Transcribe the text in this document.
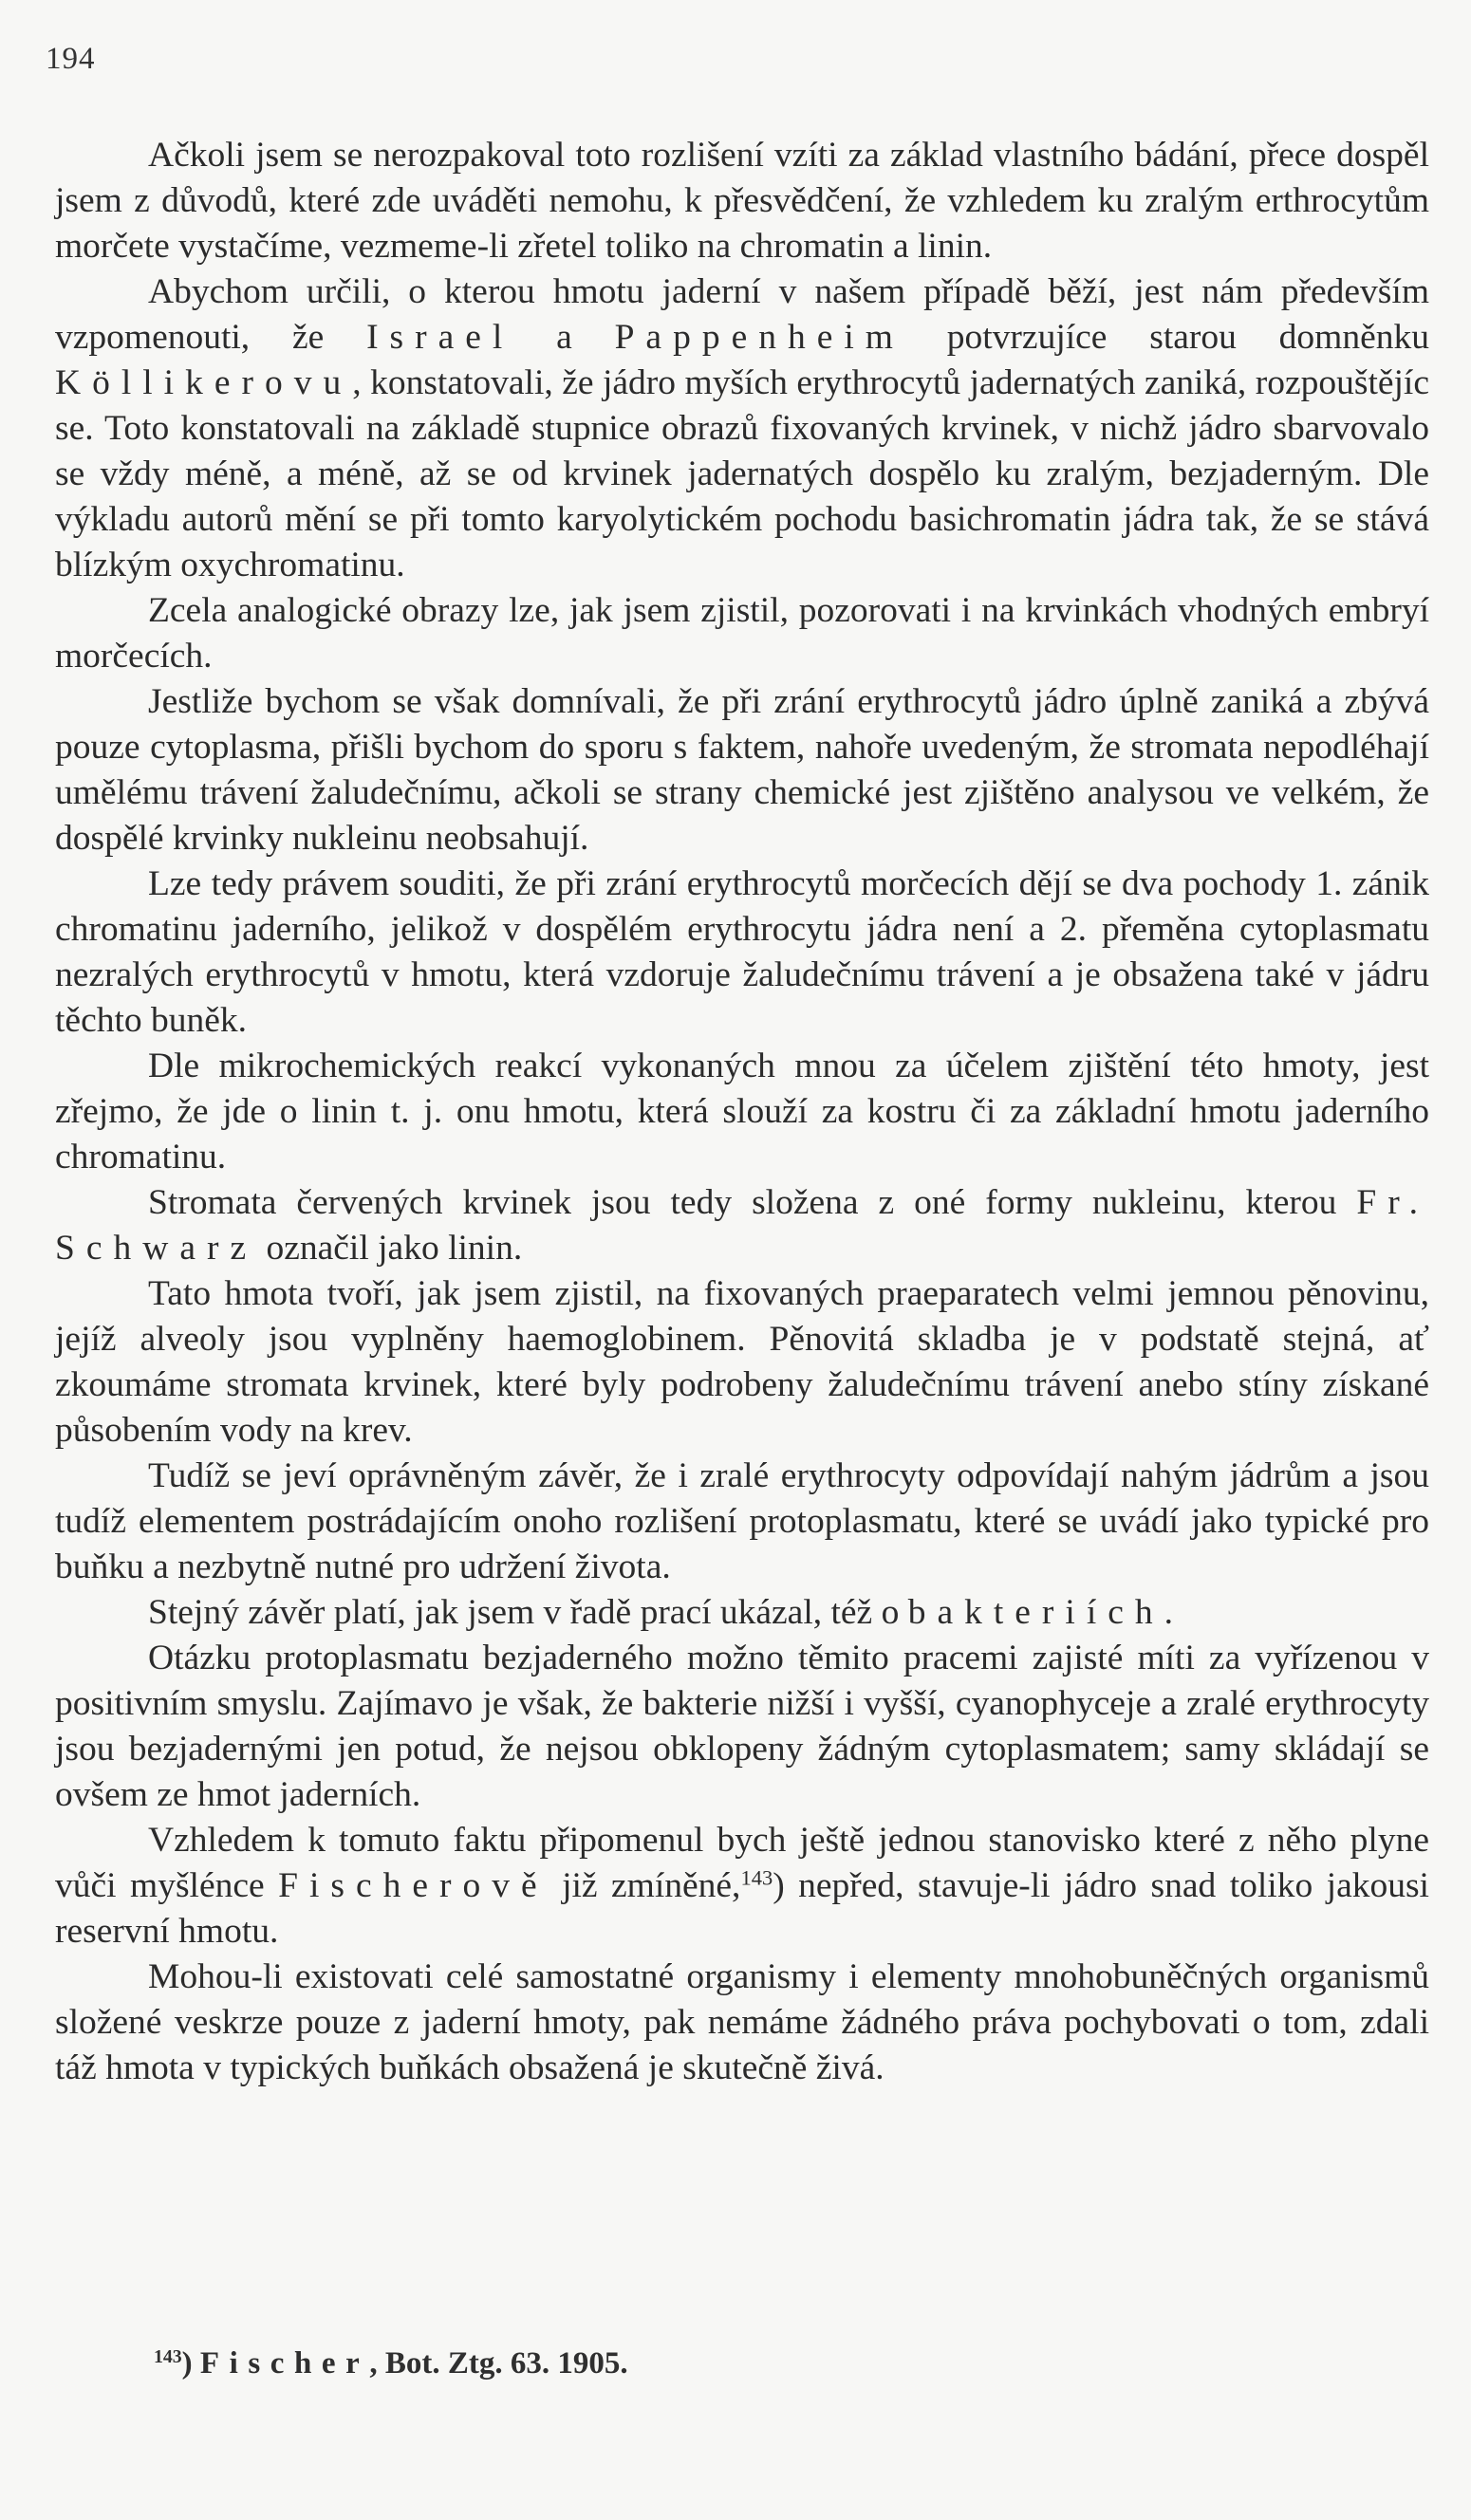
194

Ačkoli jsem se nerozpakoval toto rozlišení vzíti za základ vlastního bádání, přece dospěl jsem z důvodů, které zde uváděti nemohu, k přesvědčení, že vzhledem ku zralým erthrocytům morčete vystačíme, vezmeme-li zřetel toliko na chromatin a linin.

Abychom určili, o kterou hmotu jaderní v našem případě běží, jest nám především vzpomenouti, že Israel a Pappenheim potvrzujíce starou domněnku Köllikerovu, konstatovali, že jádro myších erythrocytů jadernatých zaniká, rozpouštějíc se. Toto konstatovali na základě stupnice obrazů fixovaných krvinek, v nichž jádro sbarvovalo se vždy méně, a méně, až se od krvinek jadernatých dospělo ku zralým, bezjaderným. Dle výkladu autorů mění se při tomto karyolytickém pochodu basichromatin jádra tak, že se stává blízkým oxychromatinu.

Zcela analogické obrazy lze, jak jsem zjistil, pozorovati i na krvinkách vhodných embryí morčecích.

Jestliže bychom se však domnívali, že při zrání erythrocytů jádro úplně zaniká a zbývá pouze cytoplasma, přišli bychom do sporu s faktem, nahoře uvedeným, že stromata nepodléhají umělému trávení žaludečnímu, ačkoli se strany chemické jest zjištěno analysou ve velkém, že dospělé krvinky nukleinu neobsahují.

Lze tedy právem souditi, že při zrání erythrocytů morčecích dějí se dva pochody 1. zánik chromatinu jaderního, jelikož v dospělém erythrocytu jádra není a 2. přeměna cytoplasmatu nezralých erythrocytů v hmotu, která vzdoruje žaludečnímu trávení a je obsažena také v jádru těchto buněk.

Dle mikrochemických reakcí vykonaných mnou za účelem zjištění této hmoty, jest zřejmo, že jde o linin t. j. onu hmotu, která slouží za kostru či za základní hmotu jaderního chromatinu.

Stromata červených krvinek jsou tedy složena z oné formy nukleinu, kterou Fr. Schwarz označil jako linin.

Tato hmota tvoří, jak jsem zjistil, na fixovaných praeparatech velmi jemnou pěnovinu, jejíž alveoly jsou vyplněny haemoglobinem. Pěnovitá skladba je v podstatě stejná, ať zkoumáme stromata krvinek, které byly podrobeny žaludečnímu trávení anebo stíny získané působením vody na krev.

Tudíž se jeví oprávněným závěr, že i zralé erythrocyty odpovídají nahým jádrům a jsou tudíž elementem postrádajícím onoho rozlišení protoplasmatu, které se uvádí jako typické pro buňku a nezbytně nutné pro udržení života.

Stejný závěr platí, jak jsem v řadě prací ukázal, též o bakteriích.

Otázku protoplasmatu bezjaderného možno těmito pracemi zajisté míti za vyřízenou v positivním smyslu. Zajímavo je však, že bakterie nižší i vyšší, cyanophyceje a zralé erythrocyty jsou bezjadernými jen potud, že nejsou obklopeny žádným cytoplasmatem; samy skládají se ovšem ze hmot jaderních.

Vzhledem k tomuto faktu připomenul bych ještě jednou stanovisko které z něho plyne vůči myšlénce Fischerově již zmíněné,$^{143}$) nepřed, stavuje-li jádro snad toliko jakousi reservní hmotu.

Mohou-li existovati celé samostatné organismy i elementy mnohobuněčných organismů složené veskrze pouze z jaderní hmoty, pak nemáme žádného práva pochybovati o tom, zdali táž hmota v typických buňkách obsažená je skutečně živá.

$^{143}$) Fischer, Bot. Ztg. 63. 1905.
